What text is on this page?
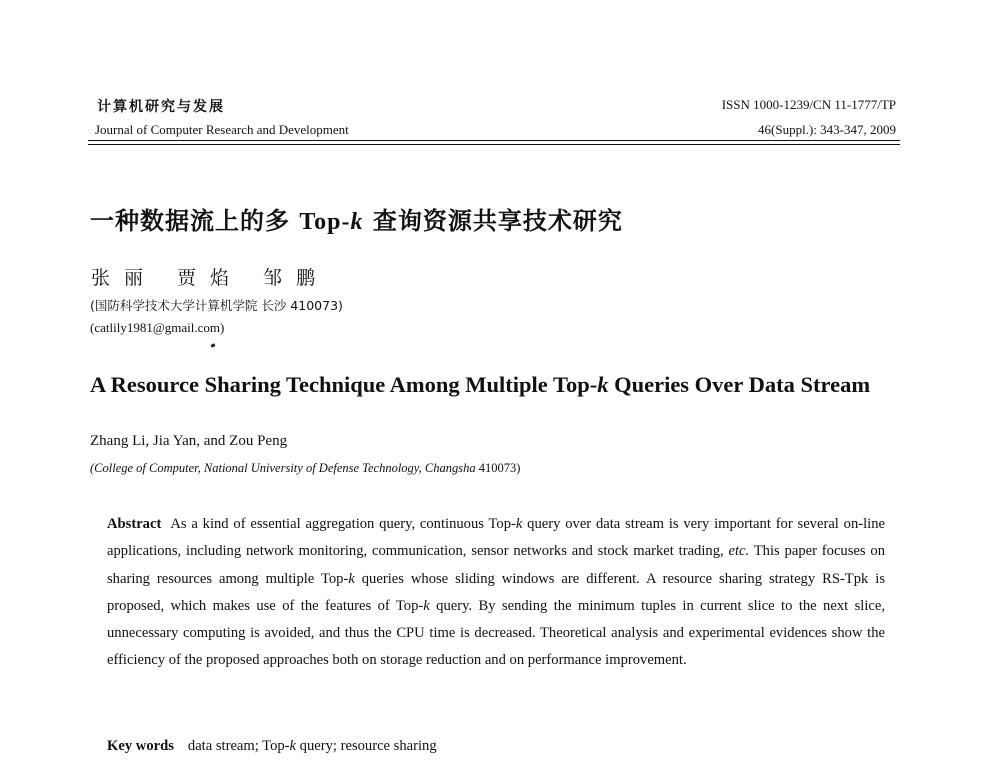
计算机研究与发展
Journal of Computer Research and Development
ISSN 1000-1239/CN 11-1777/TP
46(Suppl.): 343-347, 2009
一种数据流上的多 Top-k 查询资源共享技术研究
张丽 贾焰 邹鹏
(国防科学技术大学计算机学院 长沙 410073)
(catlily1981@gmail.com)
A Resource Sharing Technique Among Multiple Top-k Queries Over Data Stream
Zhang Li, Jia Yan, and Zou Peng
(College of Computer, National University of Defense Technology, Changsha 410073)
Abstract As a kind of essential aggregation query, continuous Top-k query over data stream is very important for several on-line applications, including network monitoring, communication, sensor networks and stock market trading, etc. This paper focuses on sharing resources among multiple Top-k queries whose sliding windows are different. A resource sharing strategy RS-Tpk is proposed, which makes use of the features of Top-k query. By sending the minimum tuples in current slice to the next slice, unnecessary computing is avoided, and thus the CPU time is decreased. Theoretical analysis and experimental evidences show the efficiency of the proposed approaches both on storage reduction and on performance improvement.
Key words data stream; Top-k query; resource sharing
